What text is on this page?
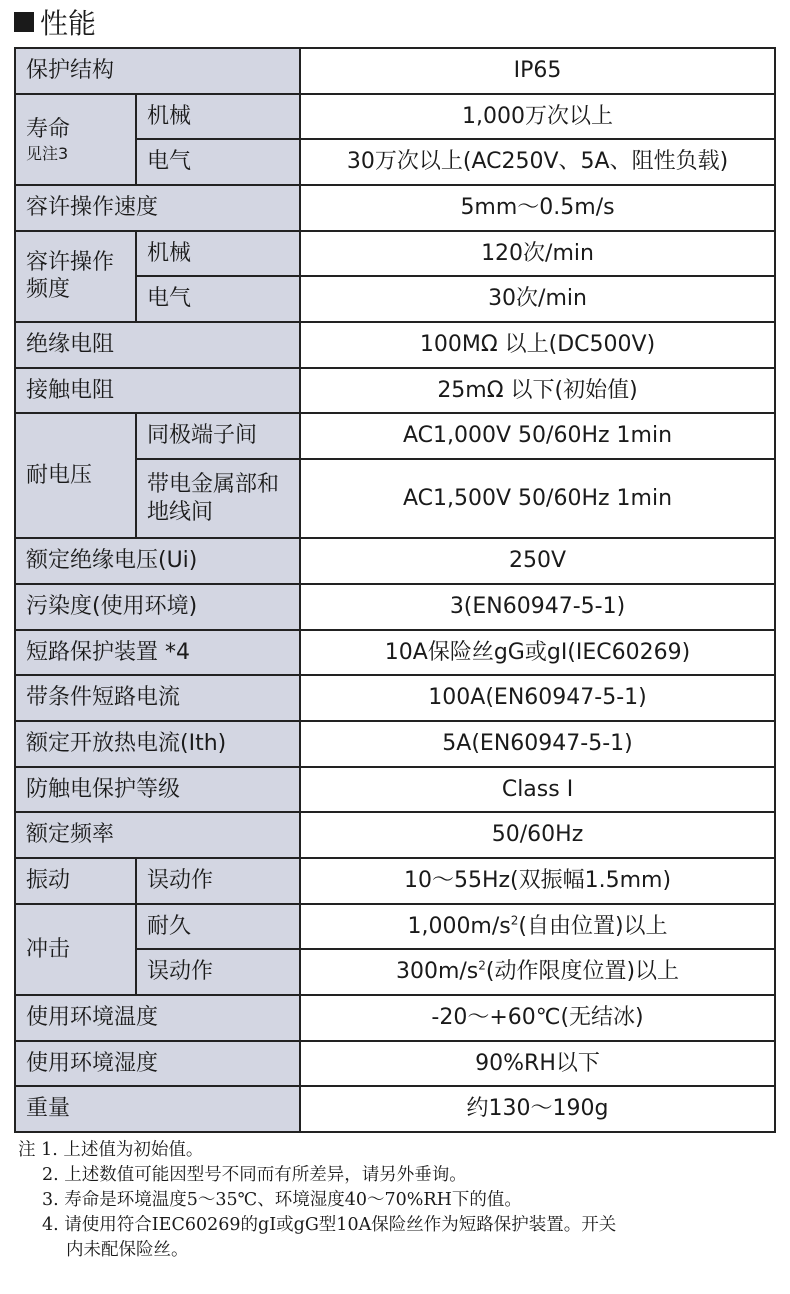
性能
保护结构		IP65
寿命
见注3	机械	1,000万次以上
	电气	30万次以上(AC250V、5A、阻性负载)
容许操作速度		5mm～0.5m/s
容许操作频度	机械	120次/min
	电气	30次/min
绝缘电阻		100MΩ 以上(DC500V)
接触电阻		25mΩ 以下(初始值)
耐电压	同极端子间	AC1,000V 50/60Hz 1min
	带电金属部和地线间	AC1,500V 50/60Hz 1min
额定绝缘电压(Ui)		250V
污染度(使用环境)		3(EN60947-5-1)
短路保护装置 *4		10A保险丝gG或gI(IEC60269)
带条件短路电流		100A(EN60947-5-1)
额定开放热电流(Ith)		5A(EN60947-5-1)
防触电保护等级		Class I
额定频率		50/60Hz
振动	误动作	10～55Hz(双振幅1.5mm)
冲击	耐久	$1,000m/s^2$(自由位置)以上
	误动作	$300m/s^2$(动作限度位置)以上
使用环境温度		-20～+60℃(无结冰)
使用环境湿度		90%RH以下
重量		约130～190g
注 1. 上述值为初始值。
2. 上述数值可能因型号不同而有所差异，请另外垂询。
3. 寿命是环境温度5～35℃、环境湿度40～70%RH下的值。
4. 请使用符合IEC60269的gI或gG型10A保险丝作为短路保护装置。开关
内未配保险丝。
